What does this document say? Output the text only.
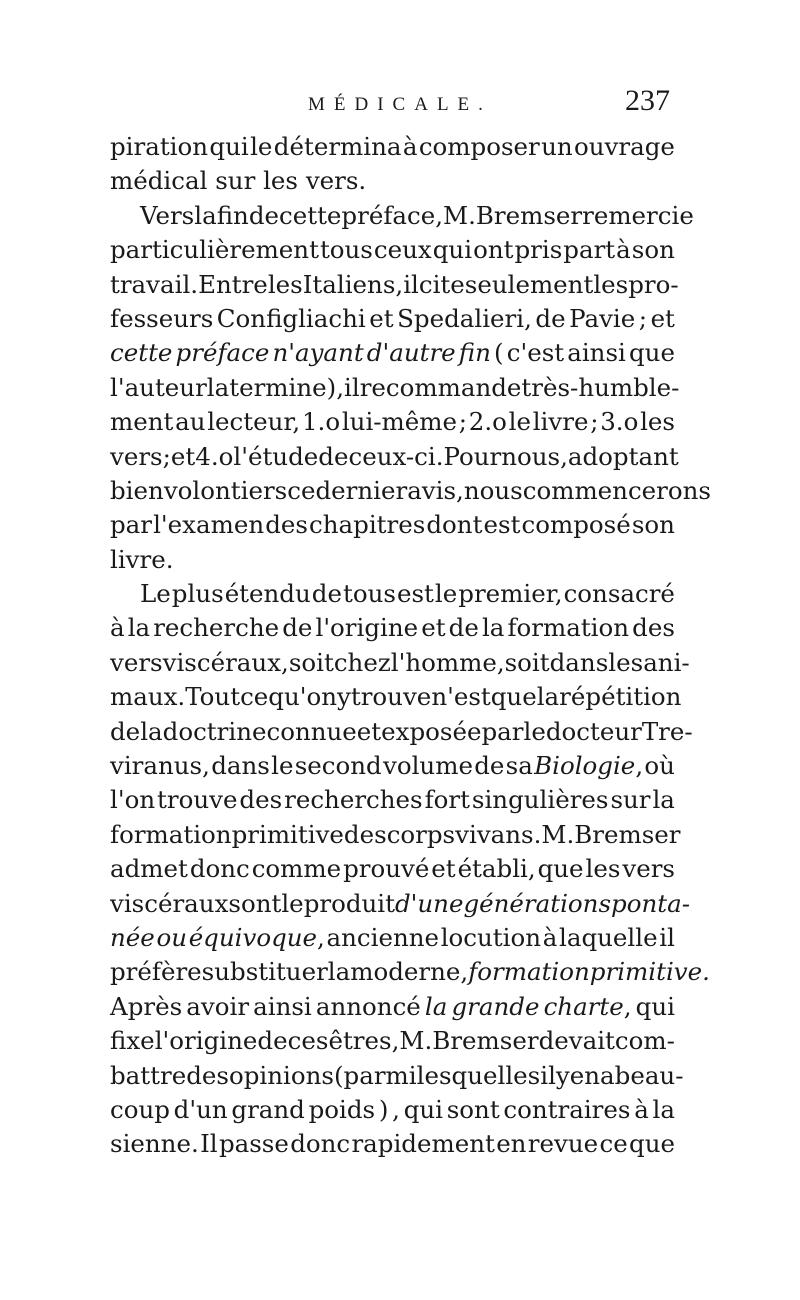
MÉDICALE.	237
piration qui le détermina à composer un ouvrage
médical
sur
les
vers.
Vers la fin de cette préface, M. Bremser remercie
particulièrement tous ceux qui ont pris part à son
travail. Entre les Italiens, il cite seulement les pro-
fesseurs Configliachi et Spedalieri, de Pavie ; et
cette préface n'ayant d'autre fin ( c'est ainsi que
l'auteur la termine ) , il recommande très-humble-
ment au lecteur, 1.o lui-même ; 2.o le livre ; 3.o les
vers ; et 4.o l'étude de ceux-ci. Pour nous, adoptant
bien volontiers ce dernier avis, nous commencerons
par l'examen des chapitres dont est composé son
livre.
Le plus étendu de tous est le premier, consacré
à la recherche de l'origine et de la formation des
vers viscéraux, soit chez l'homme, soit dans les ani-
maux. Tout ce qu'on y trouve n'est que la répétition
de la doctrine connue et exposée par le docteur Tre-
viranus, dans le second volume de sa Biologie, où
l'on trouve des recherches fort singulières sur la
formation primitive des corps vivans. M. Bremser
admet donc comme prouvé et établi, que les vers
viscéraux sont le produit d'une génération sponta-
née ou équivoque, ancienne locution à laquelle il
préfère substituer la moderne, formation primitive.
Après avoir ainsi annoncé la grande charte, qui
fixe l'origine de ces êtres, M. Bremser devait com-
battre des opinions ( parmi lesquelles il y en a beau-
coup d'un grand poids ) , qui sont contraires à la
sienne. Il passe donc rapidement en revue ce que
